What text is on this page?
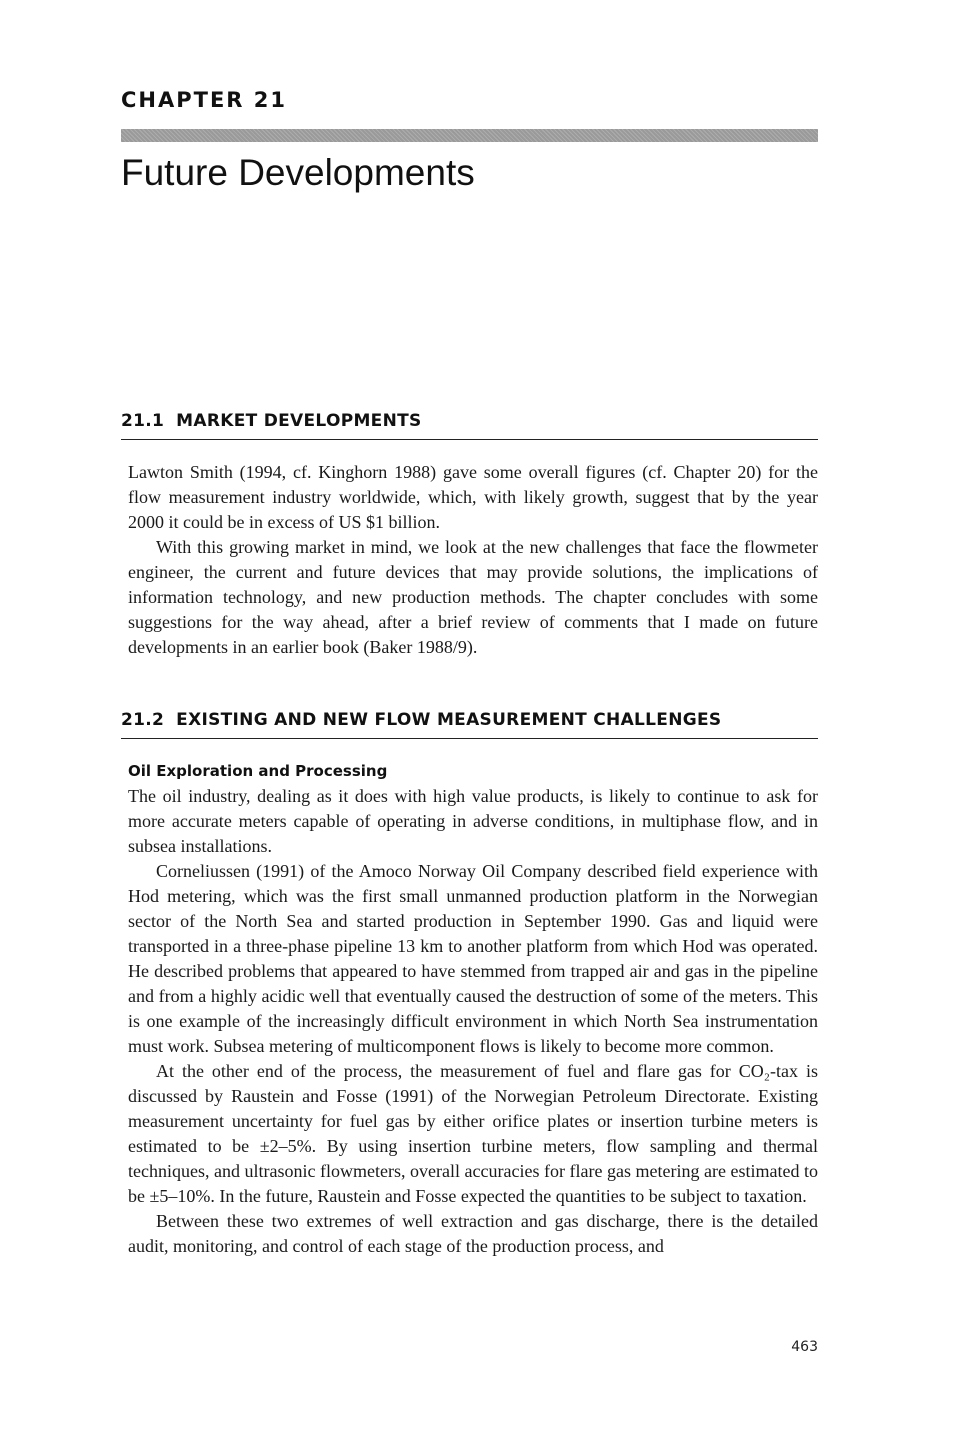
CHAPTER 21
Future Developments
21.1 MARKET DEVELOPMENTS

Lawton Smith (1994, cf. Kinghorn 1988) gave some overall figures (cf. Chapter 20) for the flow measurement industry worldwide, which, with likely growth, suggest that by the year 2000 it could be in excess of US $1 billion.

With this growing market in mind, we look at the new challenges that face the flowmeter engineer, the current and future devices that may provide solutions, the implications of information technology, and new production methods. The chapter concludes with some suggestions for the way ahead, after a brief review of comments that I made on future developments in an earlier book (Baker 1988/9).

21.2 EXISTING AND NEW FLOW MEASUREMENT CHALLENGES
Oil Exploration and Processing

The oil industry, dealing as it does with high value products, is likely to continue to ask for more accurate meters capable of operating in adverse conditions, in multiphase flow, and in subsea installations.

Corneliussen (1991) of the Amoco Norway Oil Company described field experience with Hod metering, which was the first small unmanned production platform in the Norwegian sector of the North Sea and started production in September 1990. Gas and liquid were transported in a three-phase pipeline 13 km to another platform from which Hod was operated. He described problems that appeared to have stemmed from trapped air and gas in the pipeline and from a highly acidic well that eventually caused the destruction of some of the meters. This is one example of the increasingly difficult environment in which North Sea instrumentation must work. Subsea metering of multicomponent flows is likely to become more common.

At the other end of the process, the measurement of fuel and flare gas for CO₂-tax is discussed by Raustein and Fosse (1991) of the Norwegian Petroleum Directorate. Existing measurement uncertainty for fuel gas by either orifice plates or insertion turbine meters is estimated to be ±2–5%. By using insertion turbine meters, flow sampling and thermal techniques, and ultrasonic flowmeters, overall accuracies for flare gas metering are estimated to be ±5–10%. In the future, Raustein and Fosse expected the quantities to be subject to taxation.

Between these two extremes of well extraction and gas discharge, there is the detailed audit, monitoring, and control of each stage of the production process, and

463
